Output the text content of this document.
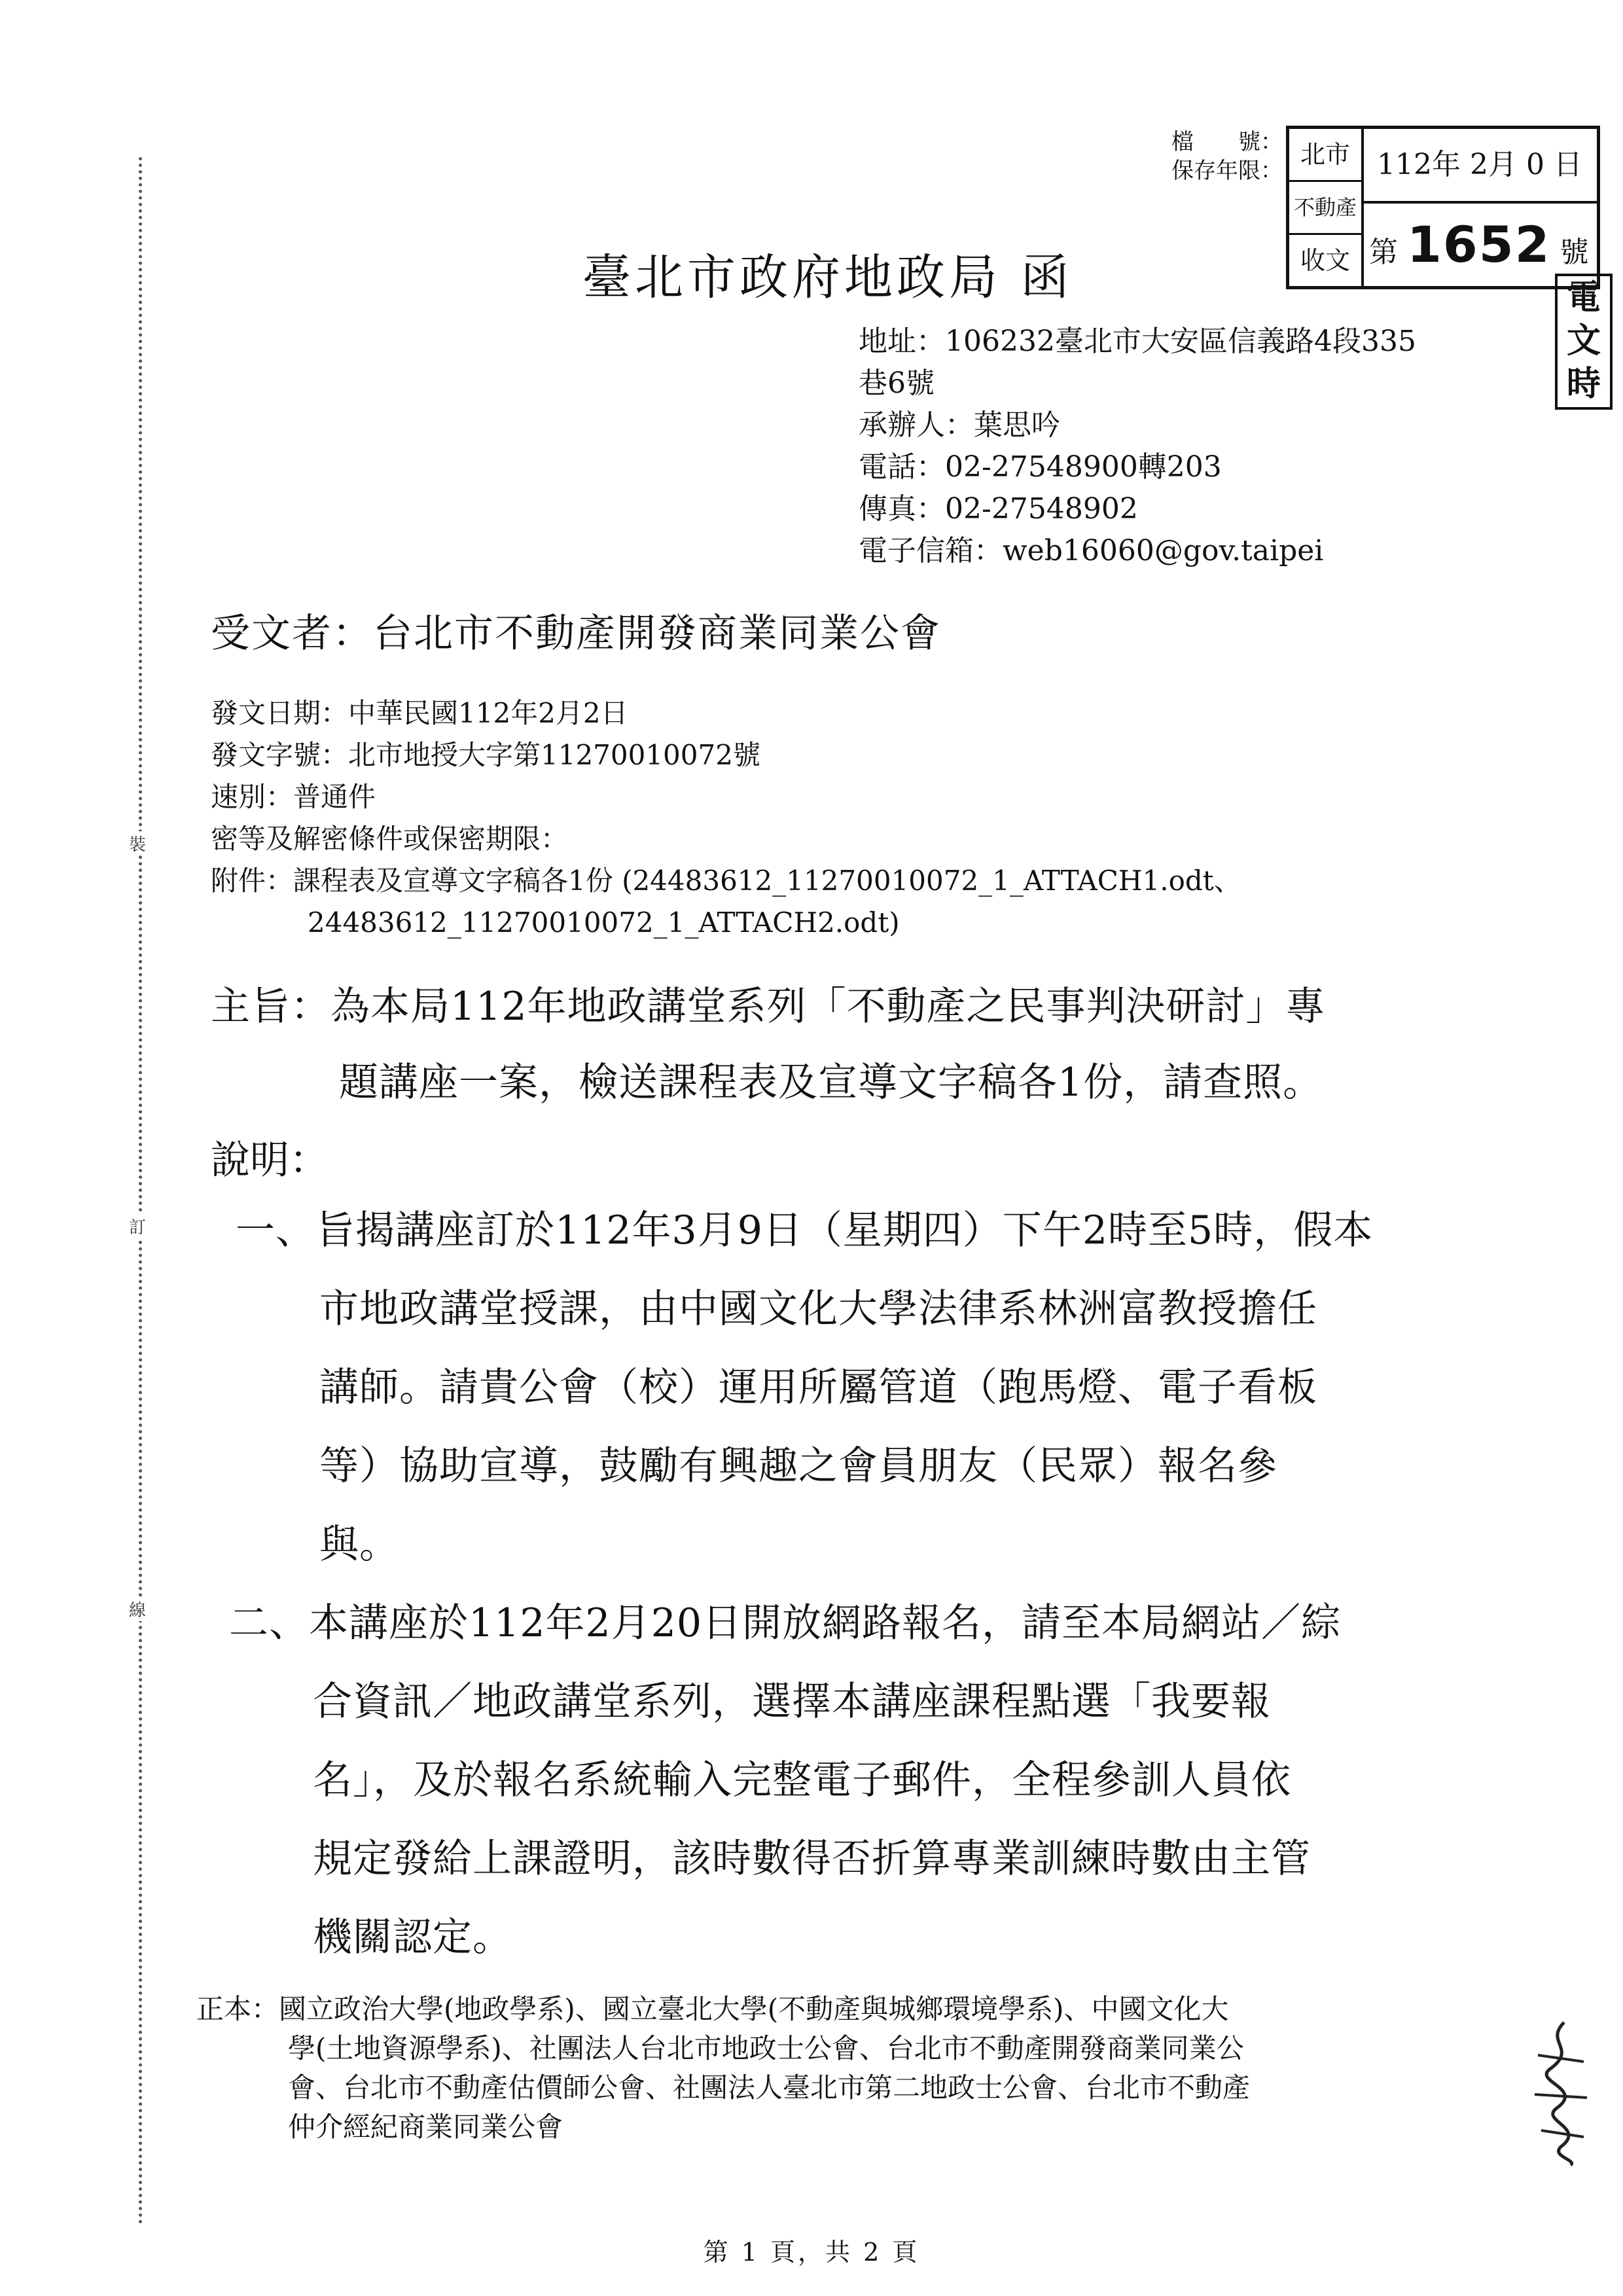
裝
訂
線
檔　　號：
保存年限：
北市
不動產
收文
112年 2月 0 日
第 1652 號
電文時
臺北市政府地政局 函
地址：106232臺北市大安區信義路4段335
巷6號
承辦人：葉思吟
電話：02-27548900轉203
傳真：02-27548902
電子信箱：web16060@gov.taipei
受文者：台北市不動產開發商業同業公會
發文日期：中華民國112年2月2日
發文字號：北市地授大字第11270010072號
速別：普通件
密等及解密條件或保密期限：
附件：課程表及宣導文字稿各1份 (24483612_11270010072_1_ATTACH1.odt、
24483612_11270010072_1_ATTACH2.odt)
主旨：為本局112年地政講堂系列「不動產之民事判決研討」專
題講座一案，檢送課程表及宣導文字稿各1份，請查照。
說明：
一、旨揭講座訂於112年3月9日（星期四）下午2時至5時，假本
市地政講堂授課，由中國文化大學法律系林洲富教授擔任
講師。請貴公會（校）運用所屬管道（跑馬燈、電子看板
等）協助宣導，鼓勵有興趣之會員朋友（民眾）報名參
與。
二、本講座於112年2月20日開放網路報名，請至本局網站／綜
合資訊／地政講堂系列，選擇本講座課程點選「我要報
名」，及於報名系統輸入完整電子郵件，全程參訓人員依
規定發給上課證明，該時數得否折算專業訓練時數由主管
機關認定。
正本：國立政治大學(地政學系)、國立臺北大學(不動產與城鄉環境學系)、中國文化大
學(土地資源學系)、社團法人台北市地政士公會、台北市不動產開發商業同業公
會、台北市不動產估價師公會、社團法人臺北市第二地政士公會、台北市不動產
仲介經紀商業同業公會
第 1 頁，共 2 頁
